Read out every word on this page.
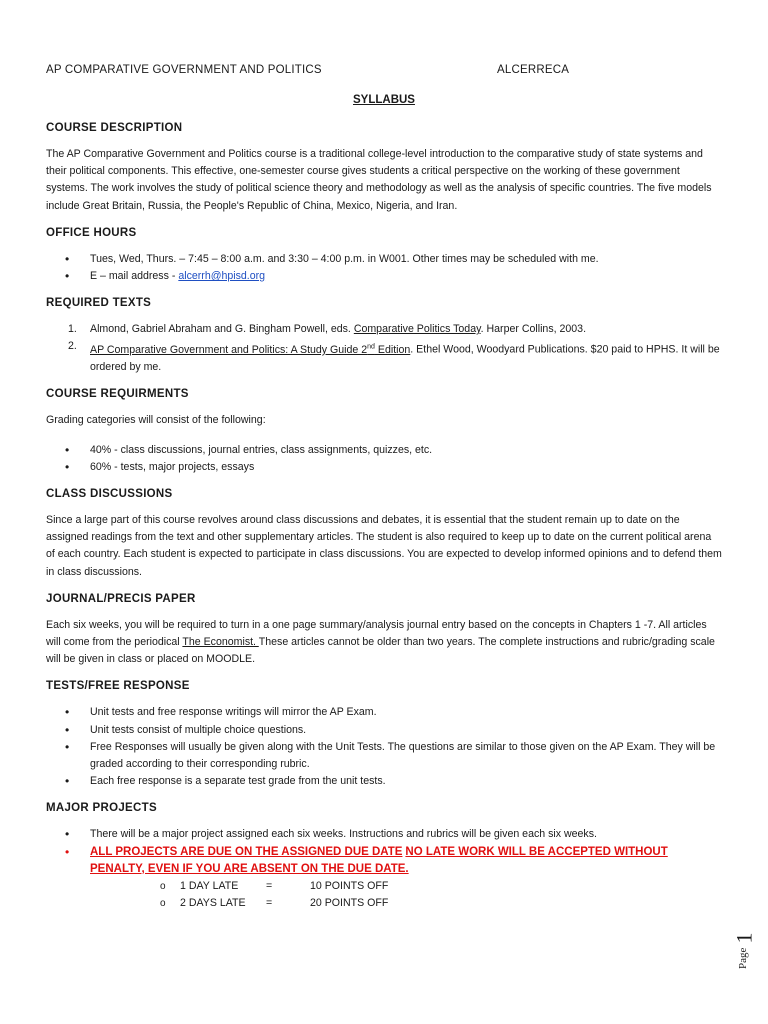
AP COMPARATIVE GOVERNMENT AND POLITICS	ALCERRECA
SYLLABUS
COURSE DESCRIPTION

The AP Comparative Government and Politics course is a traditional college-level introduction to the comparative study of state systems and their political components. This effective, one-semester course gives students a critical perspective on the working of these government systems. The work involves the study of political science theory and methodology as well as the analysis of specific countries. The five models include Great Britain, Russia, the People's Republic of China, Mexico, Nigeria, and Iran.

OFFICE HOURS
• Tues, Wed, Thurs. – 7:45 – 8:00 a.m. and 3:30 – 4:00 p.m. in W001. Other times may be scheduled with me.
• E – mail address - alcerrh@hpisd.org
REQUIRED TEXTS
1. Almond, Gabriel Abraham and G. Bingham Powell, eds. Comparative Politics Today. Harper Collins, 2003.
2. AP Comparative Government and Politics: A Study Guide 2nd Edition. Ethel Wood, Woodyard Publications. $20 paid to HPHS. It will be ordered by me.
COURSE REQUIRMENTS

Grading categories will consist of the following:

• 40% - class discussions, journal entries, class assignments, quizzes, etc.
• 60% - tests, major projects, essays
CLASS DISCUSSIONS

Since a large part of this course revolves around class discussions and debates, it is essential that the student remain up to date on the assigned readings from the text and other supplementary articles. The student is also required to keep up to date on the current political arena of each country. Each student is expected to participate in class discussions. You are expected to develop informed opinions and to defend them in class discussions.

JOURNAL/PRECIS PAPER

Each six weeks, you will be required to turn in a one page summary/analysis journal entry based on the concepts in Chapters 1 -7. All articles will come from the periodical The Economist. These articles cannot be older than two years. The complete instructions and rubric/grading scale will be given in class or placed on MOODLE.

TESTS/FREE RESPONSE
• Unit tests and free response writings will mirror the AP Exam.
• Unit tests consist of multiple choice questions.
• Free Responses will usually be given along with the Unit Tests. The questions are similar to those given on the AP Exam. They will be graded according to their corresponding rubric.
• Each free response is a separate test grade from the unit tests.
MAJOR PROJECTS
• There will be a major project assigned each six weeks. Instructions and rubrics will be given each six weeks.
• ALL PROJECTS ARE DUE ON THE ASSIGNED DUE DATE NO LATE WORK WILL BE ACCEPTED WITHOUT PENALTY, EVEN IF YOU ARE ABSENT ON THE DUE DATE.
o 1 DAY LATE	=	10 POINTS OFF
o 2 DAYS LATE =	20 POINTS OFF
Page
1
